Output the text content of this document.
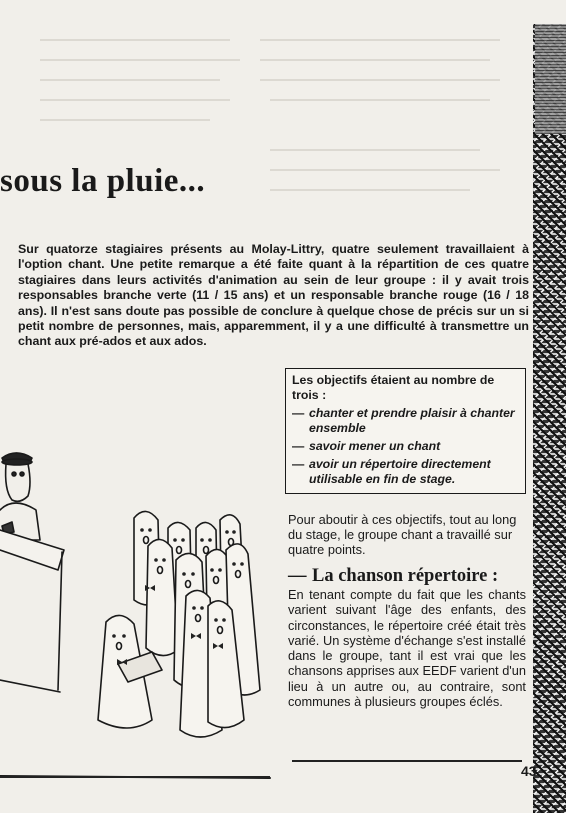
sous la pluie...

Sur quatorze stagiaires présents au Molay-Littry, quatre seulement travaillaient à l'option chant. Une petite remarque a été faite quant à la répartition de ces quatre stagiaires dans leurs activités d'animation au sein de leur groupe : il y avait trois responsables branche verte (11 / 15 ans) et un responsable branche rouge (16 / 18 ans). Il n'est sans doute pas possible de conclure à quelque chose de précis sur un si petit nombre de personnes, mais, apparemment, il y a une difficulté à transmettre un chant aux pré-ados et aux ados.

Les objectifs étaient au nombre de trois :

— chanter et prendre plaisir à chanter ensemble
— savoir mener un chant
— avoir un répertoire directement utilisable en fin de stage.

Pour aboutir à ces objectifs, tout au long du stage, le groupe chant a travaillé sur quatre points.

— La chanson répertoire :

En tenant compte du fait que les chants varient suivant l'âge des enfants, des circonstances, le répertoire créé était très varié. Un système d'échange s'est installé dans le groupe, tant il est vrai que les chansons apprises aux EEDF varient d'un lieu à un autre ou, au contraire, sont communes à plusieurs groupes éclés.

43
